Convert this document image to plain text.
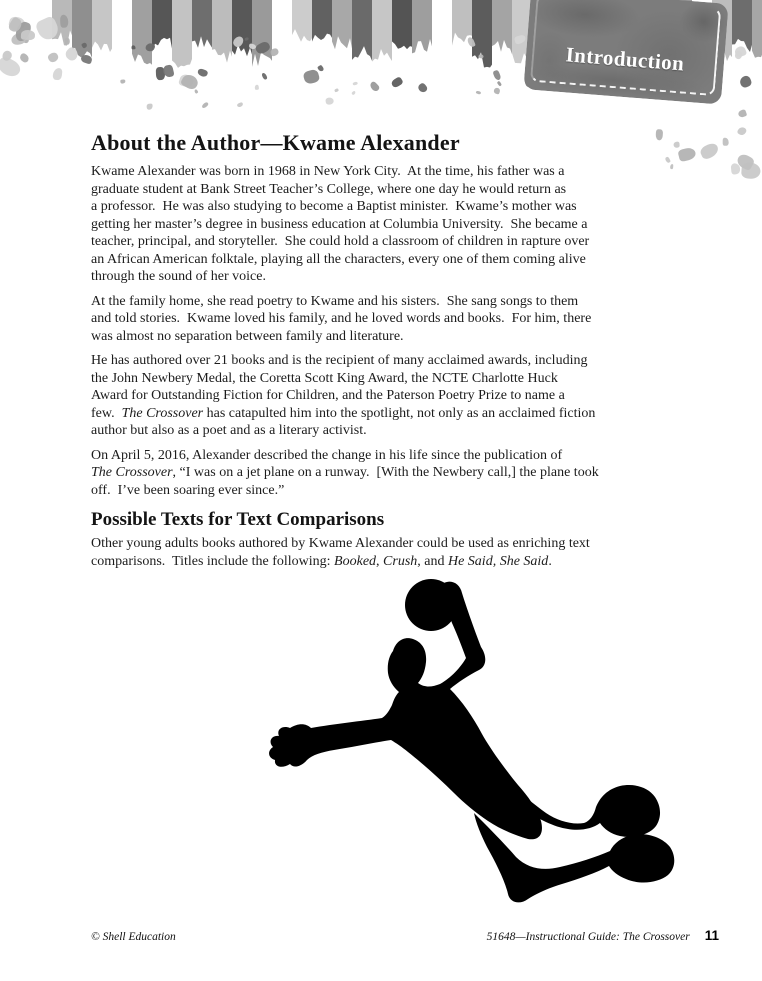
Introduction
About the Author—Kwame Alexander

Kwame Alexander was born in 1968 in New York City.  At the time, his father was a
graduate student at Bank Street Teacher’s College, where one day he would return as
a professor.  He was also studying to become a Baptist minister.  Kwame’s mother was
getting her master’s degree in business education at Columbia University.  She became a
teacher, principal, and storyteller.  She could hold a classroom of children in rapture over
an African American folktale, playing all the characters, every one of them coming alive
through the sound of her voice.

At the family home, she read poetry to Kwame and his sisters.  She sang songs to them
and told stories.  Kwame loved his family, and he loved words and books.  For him, there
was almost no separation between family and literature.

He has authored over 21 books and is the recipient of many acclaimed awards, including
the John Newbery Medal, the Coretta Scott King Award, the NCTE Charlotte Huck
Award for Outstanding Fiction for Children, and the Paterson Poetry Prize to name a
few.  The Crossover has catapulted him into the spotlight, not only as an acclaimed fiction
author but also as a poet and as a literary activist.

On April 5, 2016, Alexander described the change in his life since the publication of
The Crossover, “I was on a jet plane on a runway.  [With the Newbery call,] the plane took
off.  I’ve been soaring ever since.”

Possible Texts for Text Comparisons

Other young adults books authored by Kwame Alexander could be used as enriching text
comparisons.  Titles include the following: Booked, Crush, and He Said, She Said.

© Shell Education	51648—Instructional Guide: The Crossover 11
